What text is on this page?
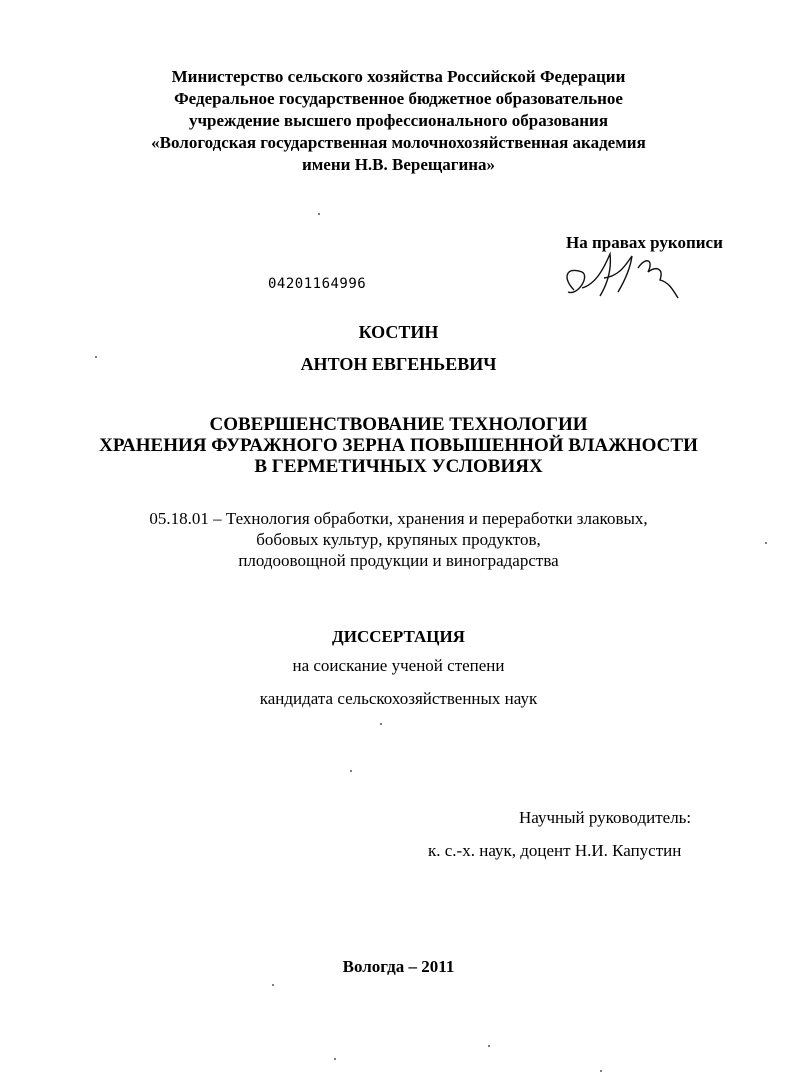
Министерство сельского хозяйства Российской Федерации
Федеральное государственное бюджетное образовательное
учреждение высшего профессионального образования
«Вологодская государственная молочнохозяйственная академия
имени Н.В. Верещагина»
На правах рукописи
04201164996
КОСТИН
АНТОН ЕВГЕНЬЕВИЧ
СОВЕРШЕНСТВОВАНИЕ ТЕХНОЛОГИИ
ХРАНЕНИЯ ФУРАЖНОГО ЗЕРНА ПОВЫШЕННОЙ ВЛАЖНОСТИ
В ГЕРМЕТИЧНЫХ УСЛОВИЯХ
05.18.01 – Технология обработки, хранения и переработки злаковых,
бобовых культур, крупяных продуктов,
плодоовощной продукции и виноградарства
ДИССЕРТАЦИЯ
на соискание ученой степени
кандидата сельскохозяйственных наук
Научный руководитель:
к. с.-х. наук, доцент Н.И. Капустин
Вологда – 2011
